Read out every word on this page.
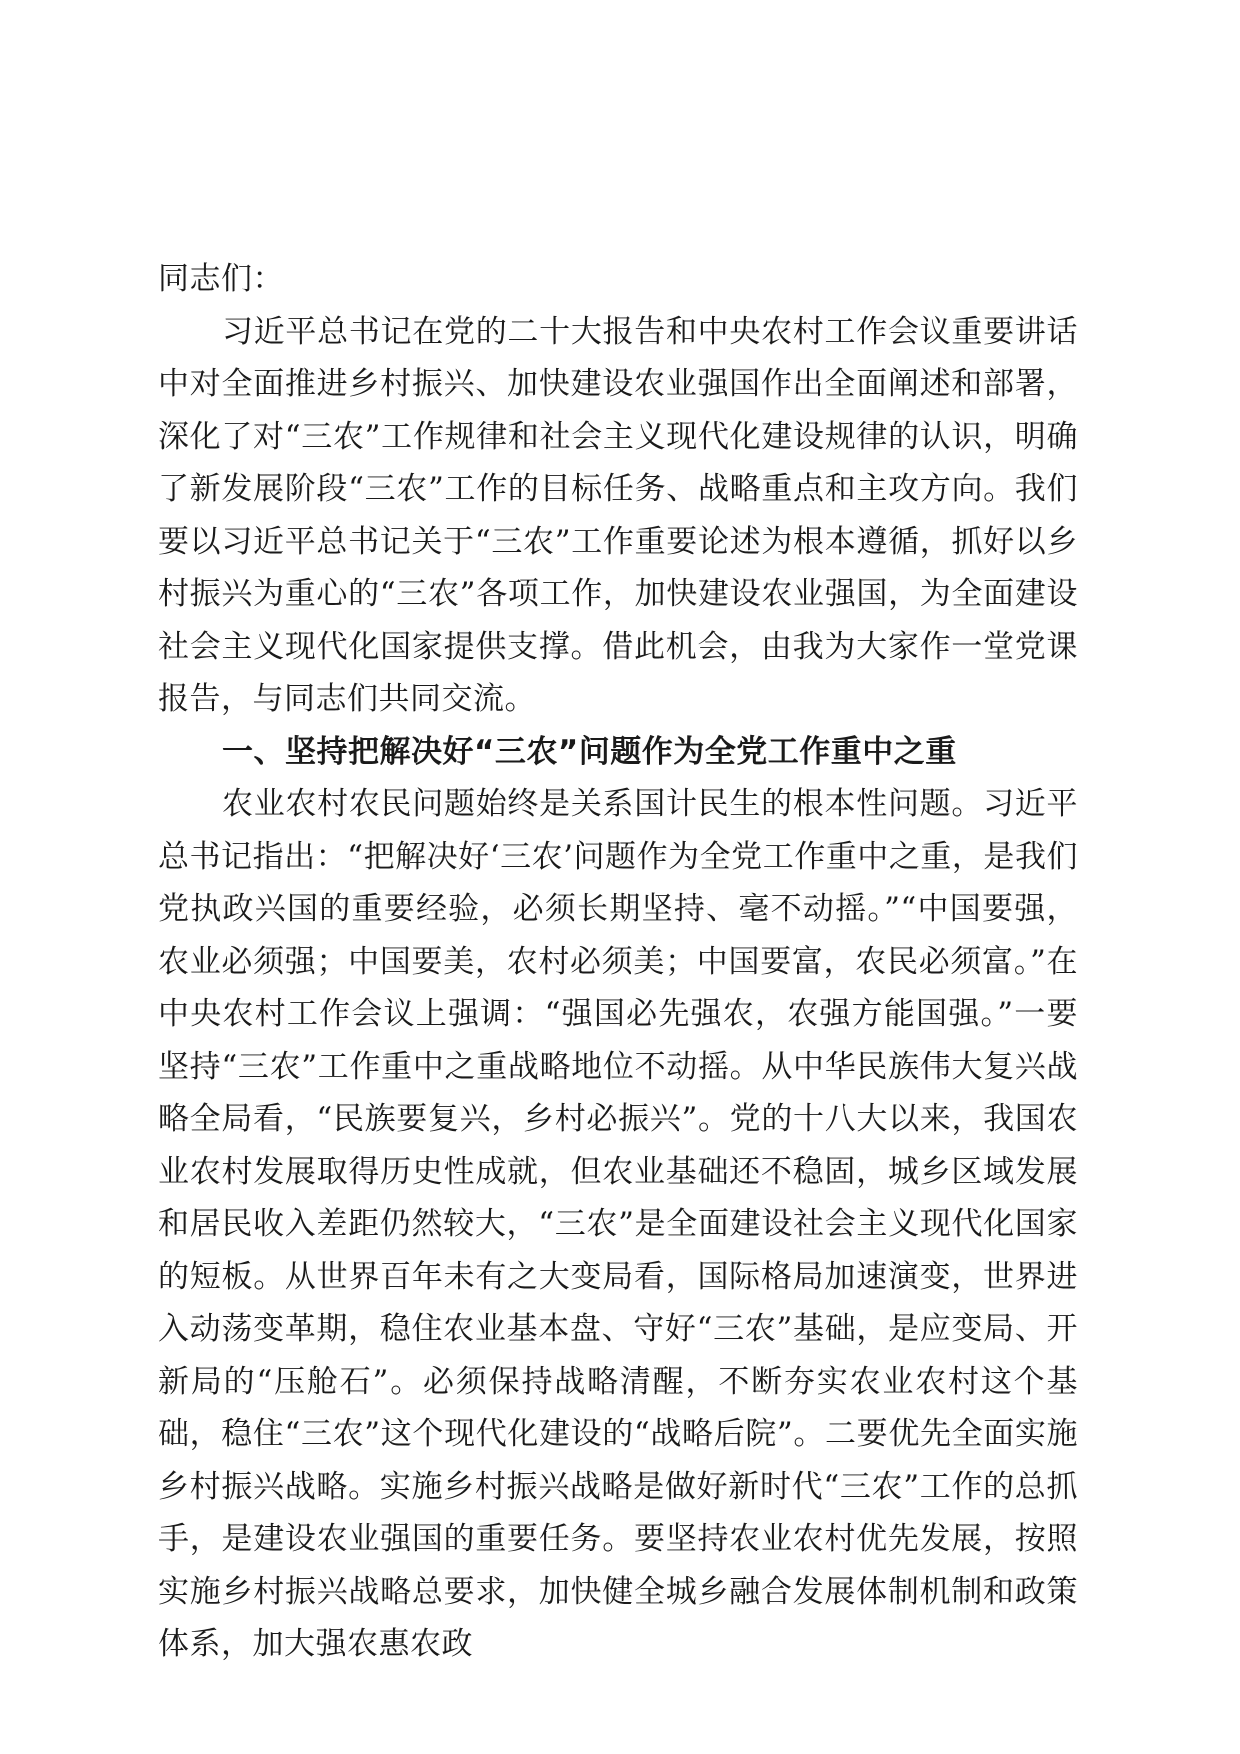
同志们：

习近平总书记在党的二十大报告和中央农村工作会议重要讲话中对全面推进乡村振兴、加快建设农业强国作出全面阐述和部署，深化了对“三农”工作规律和社会主义现代化建设规律的认识，明确了新发展阶段“三农”工作的目标任务、战略重点和主攻方向。我们要以习近平总书记关于“三农”工作重要论述为根本遵循，抓好以乡村振兴为重心的“三农”各项工作，加快建设农业强国，为全面建设社会主义现代化国家提供支撑。借此机会，由我为大家作一堂党课报告，与同志们共同交流。

一、坚持把解决好“三农”问题作为全党工作重中之重

农业农村农民问题始终是关系国计民生的根本性问题。习近平总书记指出：“把解决好‘三农’问题作为全党工作重中之重，是我们党执政兴国的重要经验，必须长期坚持、毫不动摇。”“中国要强，农业必须强；中国要美，农村必须美；中国要富，农民必须富。”在中央农村工作会议上强调：“强国必先强农，农强方能国强。”一要坚持“三农”工作重中之重战略地位不动摇。从中华民族伟大复兴战略全局看，“民族要复兴，乡村必振兴”。党的十八大以来，我国农业农村发展取得历史性成就，但农业基础还不稳固，城乡区域发展和居民收入差距仍然较大，“三农”是全面建设社会主义现代化国家的短板。从世界百年未有之大变局看，国际格局加速演变，世界进入动荡变革期，稳住农业基本盘、守好“三农”基础，是应变局、开新局的“压舱石”。必须保持战略清醒，不断夯实农业农村这个基础，稳住“三农”这个现代化建设的“战略后院”。二要优先全面实施乡村振兴战略。实施乡村振兴战略是做好新时代“三农”工作的总抓手，是建设农业强国的重要任务。要坚持农业农村优先发展，按照实施乡村振兴战略总要求，加快健全城乡融合发展体制机制和政策体系，加大强农惠农政
